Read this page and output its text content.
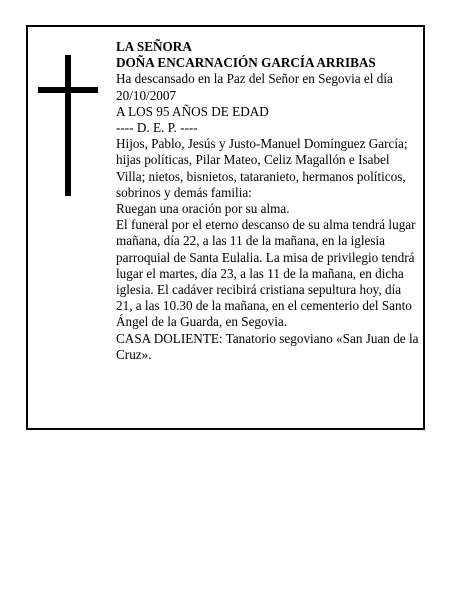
LA SEÑORA

DOÑA ENCARNACIÓN GARCÍA ARRIBAS

Ha descansado en la Paz del Señor en Segovia el día 20/10/2007

A LOS 95 AÑOS DE EDAD

---- D. E. P. ----

Hijos, Pablo, Jesús y Justo-Manuel Domínguez García; hijas políticas, Pilar Mateo, Celiz Magallón e Isabel Villa; nietos, bisnietos, tataranieto, hermanos políticos, sobrinos y demás familia:

Ruegan una oración por su alma.

El funeral por el eterno descanso de su alma tendrá lugar mañana, día 22, a las 11 de la mañana, en la iglesia parroquial de Santa Eulalia. La misa de privilegio tendrá lugar el martes, día 23, a las 11 de la mañana, en dicha iglesia. El cadáver recibirá cristiana sepultura hoy, día 21, a las 10.30 de la mañana, en el cementerio del Santo Ángel de la Guarda, en Segovia.

CASA DOLIENTE: Tanatorio segoviano «San Juan de la Cruz».
